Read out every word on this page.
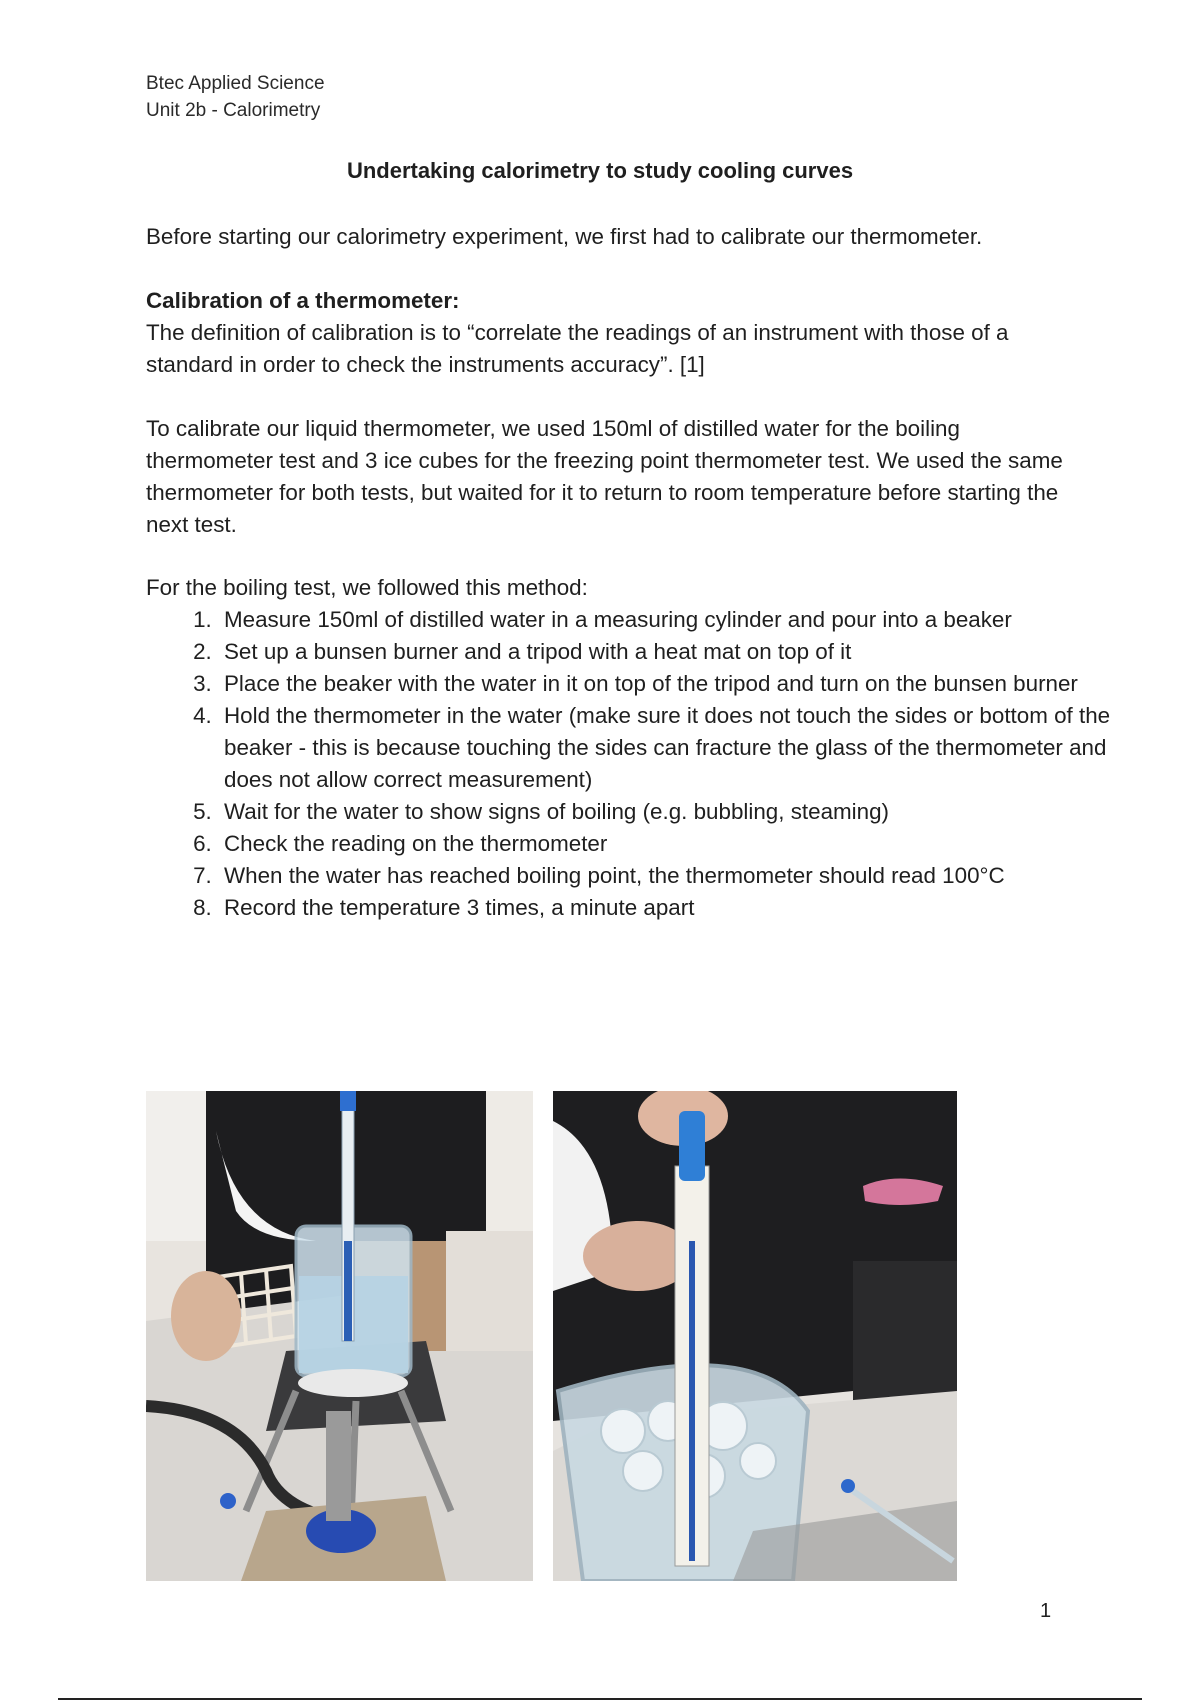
Btec Applied Science
Unit 2b - Calorimetry
Undertaking calorimetry to study cooling curves
Before starting our calorimetry experiment, we first had to calibrate our thermometer.
Calibration of a thermometer:
The definition of calibration is to “correlate the readings of an instrument with those of a standard in order to check the instruments accuracy”. [1]
To calibrate our liquid thermometer, we used 150ml of distilled water for the boiling thermometer test and 3 ice cubes for the freezing point thermometer test. We used the same thermometer for both tests, but waited for it to return to room temperature before starting the next test.
For the boiling test, we followed this method:
1. Measure 150ml of distilled water in a measuring cylinder and pour into a beaker
2. Set up a bunsen burner and a tripod with a heat mat on top of it
3. Place the beaker with the water in it on top of the tripod and turn on the bunsen burner
4. Hold the thermometer in the water (make sure it does not touch the sides or bottom of the beaker - this is because touching the sides can fracture the glass of the thermometer and does not allow correct measurement)
5. Wait for the water to show signs of boiling (e.g. bubbling, steaming)
6. Check the reading on the thermometer
7. When the water has reached boiling point, the thermometer should read 100°C
8. Record the temperature 3 times, a minute apart
1
